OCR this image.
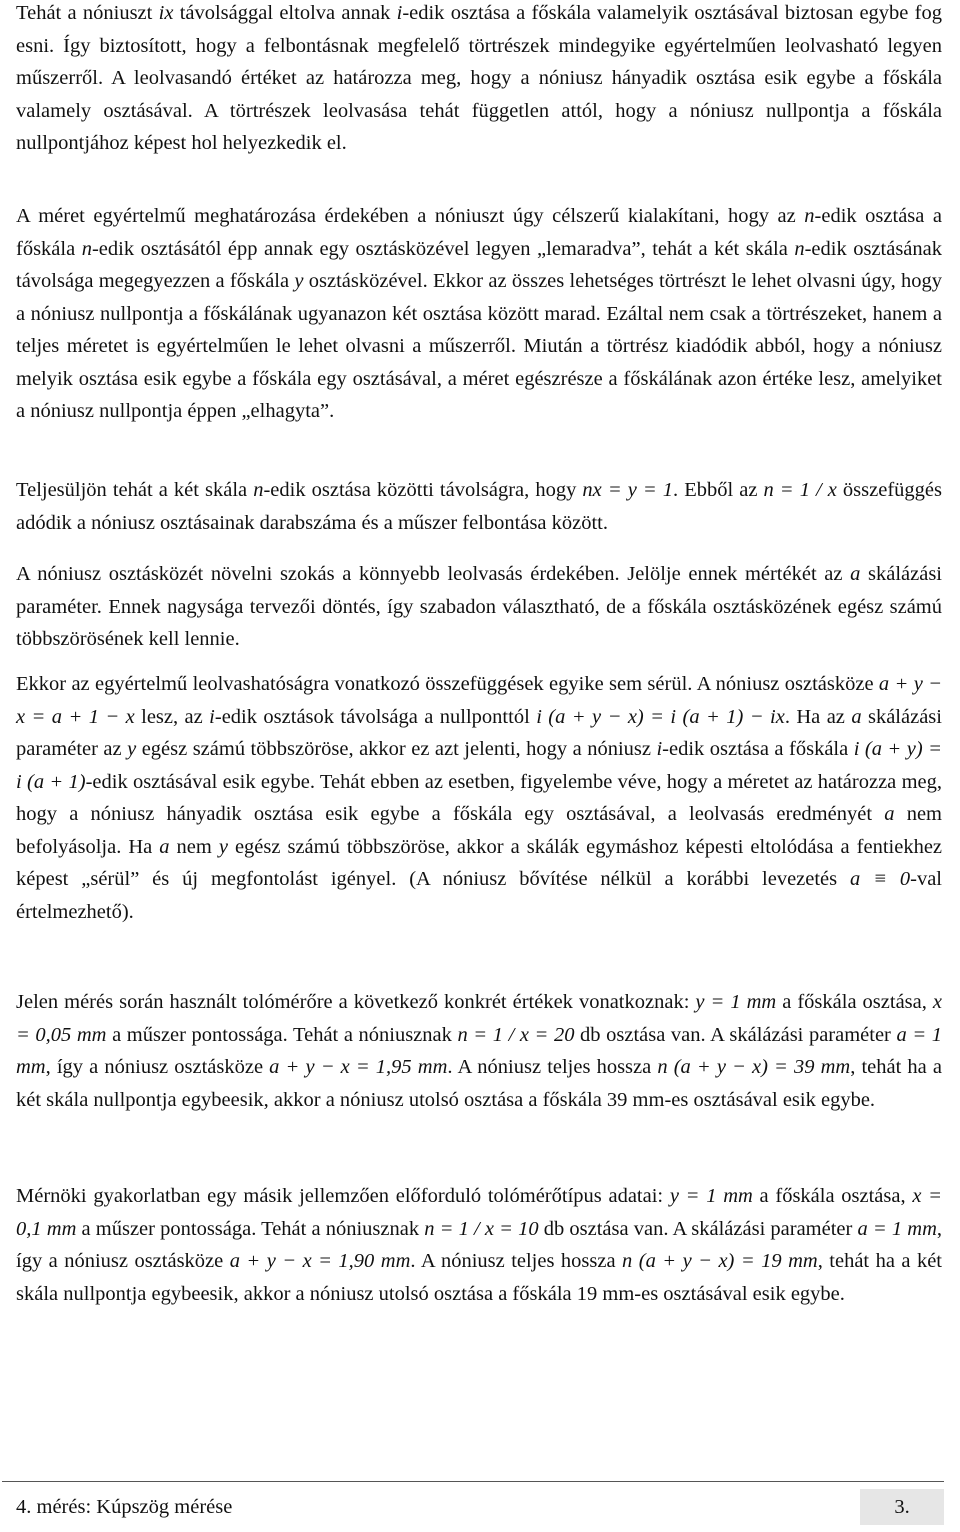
Tehát a nóniuszt ix távolsággal eltolva annak i-edik osztása a főskála valamelyik osztásával biztosan egybe fog esni. Így biztosított, hogy a felbontásnak megfelelő törtrészek mindegyike egyértelműen leolvasható legyen műszerről. A leolvasandó értéket az határozza meg, hogy a nóniusz hányadik osztása esik egybe a főskála valamely osztásával. A törtrészek leolvasása tehát független attól, hogy a nóniusz nullpontja a főskála nullpontjához képest hol helyezkedik el.

A méret egyértelmű meghatározása érdekében a nóniuszt úgy célszerű kialakítani, hogy az n-edik osztása a főskála n-edik osztásától épp annak egy osztásközével legyen „lemaradva”, tehát a két skála n-edik osztásának távolsága megegyezzen a főskála y osztásközével. Ekkor az összes lehetséges törtrészt le lehet olvasni úgy, hogy a nóniusz nullpontja a főskálának ugyanazon két osztása között marad. Ezáltal nem csak a törtrészeket, hanem a teljes méretet is egyértelműen le lehet olvasni a műszerről. Miután a törtrész kiadódik abból, hogy a nóniusz melyik osztása esik egybe a főskála egy osztásával, a méret egészrésze a főskálának azon értéke lesz, amelyiket a nóniusz nullpontja éppen „elhagyta”.

Teljesüljön tehát a két skála n-edik osztása közötti távolságra, hogy nx = y = 1. Ebből az n = 1 / x összefüggés adódik a nóniusz osztásainak darabszáma és a műszer felbontása között.

A nóniusz osztásközét növelni szokás a könnyebb leolvasás érdekében. Jelölje ennek mértékét az a skálázási paraméter. Ennek nagysága tervezői döntés, így szabadon választható, de a főskála osztásközének egész számú többszörösének kell lennie.

Ekkor az egyértelmű leolvashatóságra vonatkozó összefüggések egyike sem sérül. A nóniusz osztásköze a + y − x = a + 1 − x lesz, az i-edik osztások távolsága a nullponttól i (a + y − x) = i (a + 1) − ix. Ha az a skálázási paraméter az y egész számú többszöröse, akkor ez azt jelenti, hogy a nóniusz i-edik osztása a főskála i (a + y) = i (a + 1)-edik osztásával esik egybe. Tehát ebben az esetben, figyelembe véve, hogy a méretet az határozza meg, hogy a nóniusz hányadik osztása esik egybe a főskála egy osztásával, a leolvasás eredményét a nem befolyásolja. Ha a nem y egész számú többszöröse, akkor a skálák egymáshoz képesti eltolódása a fentiekhez képest „sérül” és új megfontolást igényel. (A nóniusz bővítése nélkül a korábbi levezetés a ≡ 0-val értelmezhető).

Jelen mérés során használt tolómérőre a következő konkrét értékek vonatkoznak: y = 1 mm a főskála osztása, x = 0,05 mm a műszer pontossága. Tehát a nóniusznak n = 1 / x = 20 db osztása van. A skálázási paraméter a = 1 mm, így a nóniusz osztásköze a + y − x = 1,95 mm. A nóniusz teljes hossza n (a + y − x) = 39 mm, tehát ha a két skála nullpontja egybeesik, akkor a nóniusz utolsó osztása a főskála 39 mm-es osztásával esik egybe.

Mérnöki gyakorlatban egy másik jellemzően előforduló tolómérőtípus adatai: y = 1 mm a főskála osztása, x = 0,1 mm a műszer pontossága. Tehát a nóniusznak n = 1 / x = 10 db osztása van. A skálázási paraméter a = 1 mm, így a nóniusz osztásköze a + y − x = 1,90 mm. A nóniusz teljes hossza n (a + y − x) = 19 mm, tehát ha a két skála nullpontja egybeesik, akkor a nóniusz utolsó osztása a főskála 19 mm-es osztásával esik egybe.

4. mérés: Kúpszög mérése	3.
